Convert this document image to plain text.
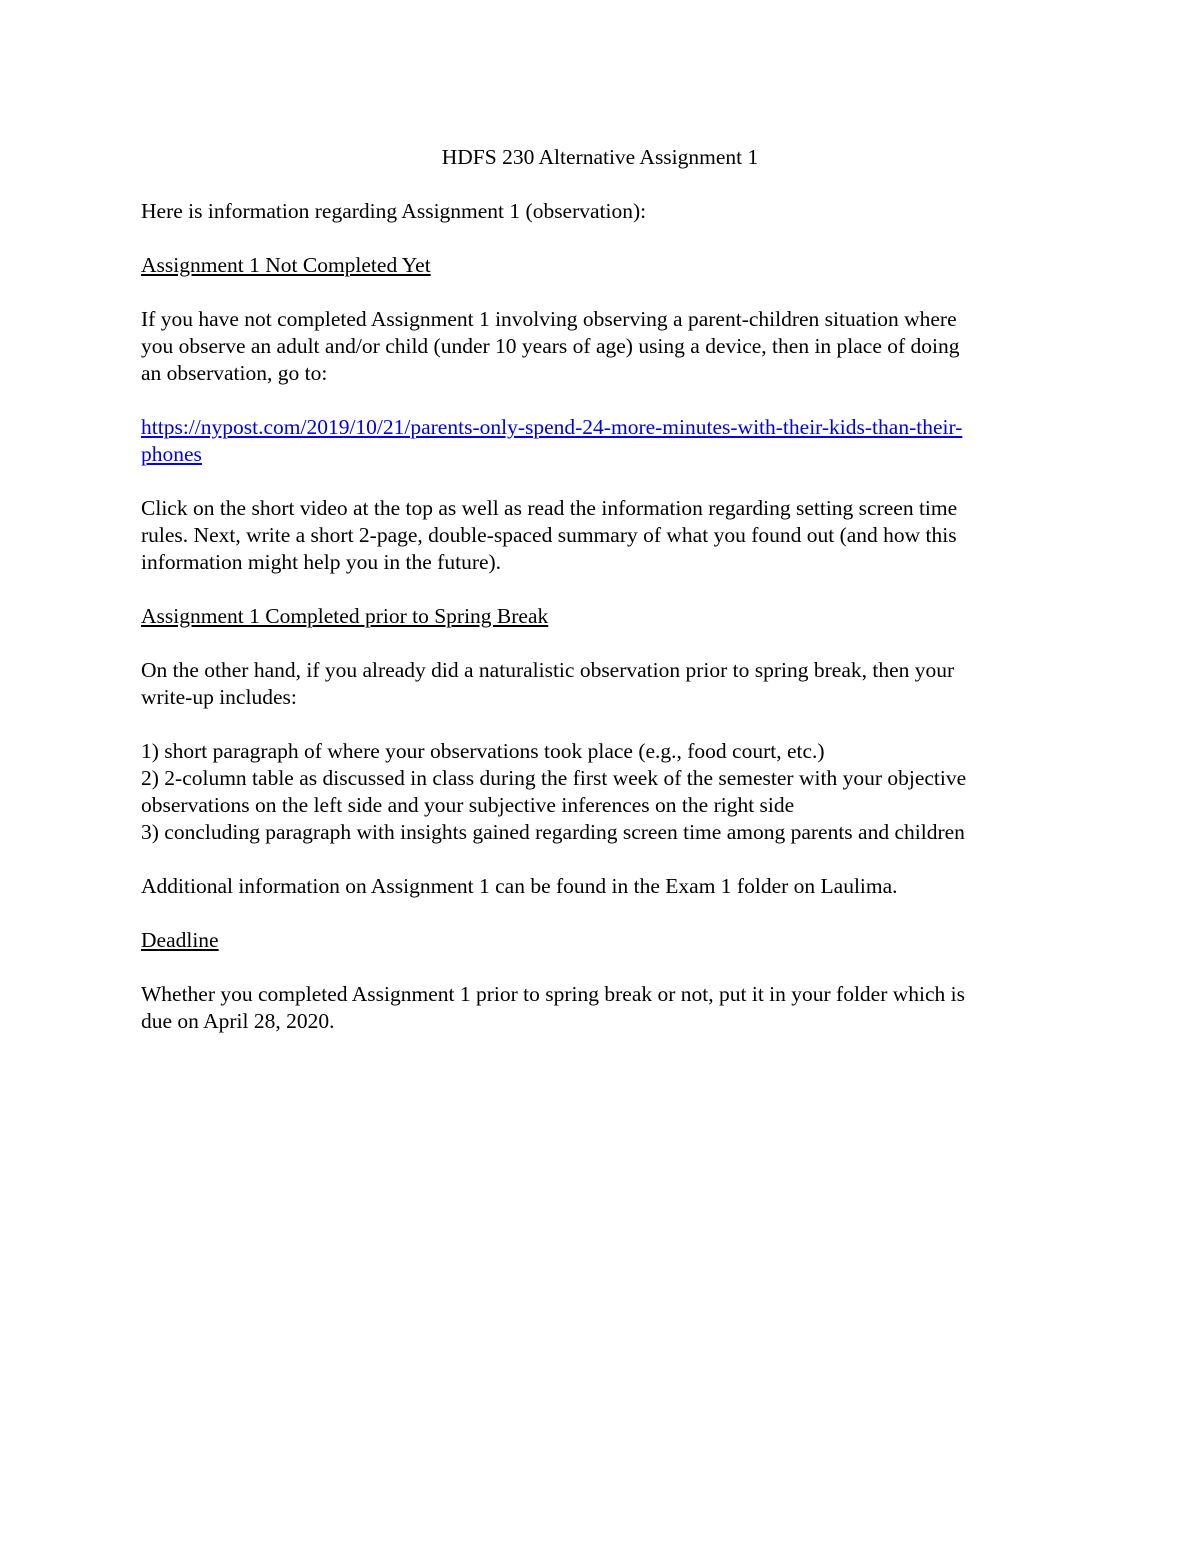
HDFS 230 Alternative Assignment 1
Here is information regarding Assignment 1 (observation):
Assignment 1 Not Completed Yet
If you have not completed Assignment 1 involving observing a parent-children situation where
you observe an adult and/or child (under 10 years of age) using a device, then in place of doing
an observation, go to:
https://nypost.com/2019/10/21/parents-only-spend-24-more-minutes-with-their-kids-than-their-
phones
Click on the short video at the top as well as read the information regarding setting screen time
rules. Next, write a short 2-page, double-spaced summary of what you found out (and how this
information might help you in the future).
Assignment 1 Completed prior to Spring Break
On the other hand, if you already did a naturalistic observation prior to spring break, then your
write-up includes:
1) short paragraph of where your observations took place (e.g., food court, etc.)
2) 2-column table as discussed in class during the first week of the semester with your objective
observations on the left side and your subjective inferences on the right side
3) concluding paragraph with insights gained regarding screen time among parents and children
Additional information on Assignment 1 can be found in the Exam 1 folder on Laulima.
Deadline
Whether you completed Assignment 1 prior to spring break or not, put it in your folder which is
due on April 28, 2020.
